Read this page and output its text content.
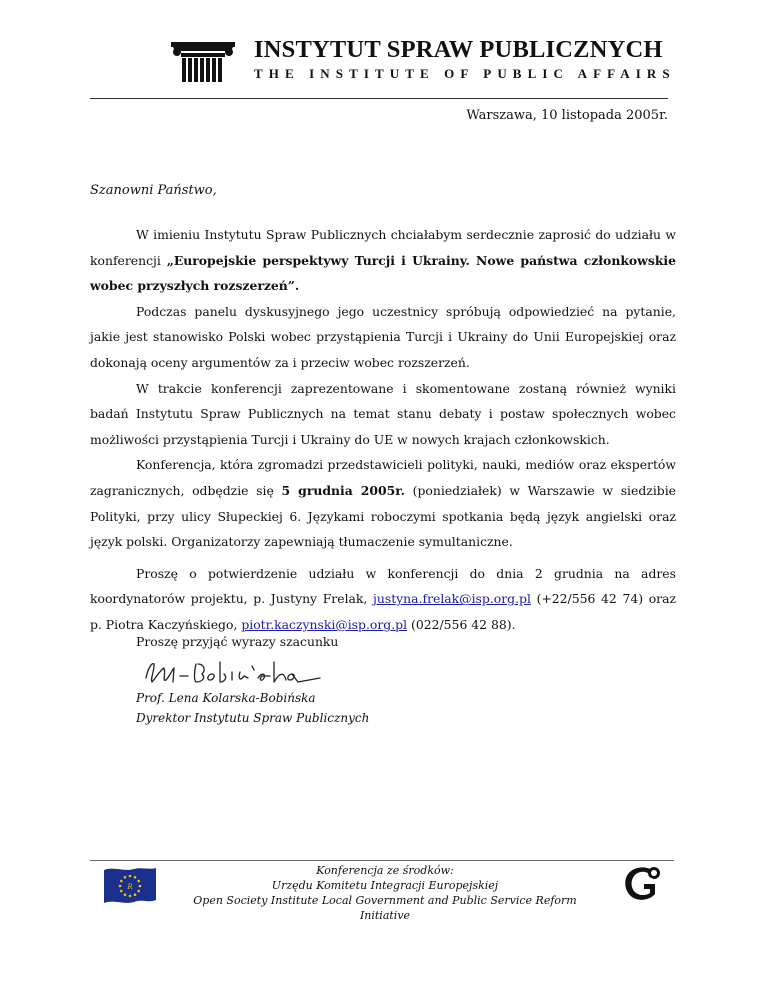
INSTYTUT SPRAW PUBLICZNYCH
THE INSTITUTE OF PUBLIC AFFAIRS
Warszawa, 10 listopada 2005r.
Szanowni Państwo,

W imieniu Instytutu Spraw Publicznych chciałabym serdecznie zaprosić do udziału w konferencji „Europejskie perspektywy Turcji i Ukrainy. Nowe państwa członkowskie wobec przyszłych rozszerzeń”.

Podczas panelu dyskusyjnego jego uczestnicy spróbują odpowiedzieć na pytanie, jakie jest stanowisko Polski wobec przystąpienia Turcji i Ukrainy do Unii Europejskiej oraz dokonają oceny argumentów za i przeciw wobec rozszerzeń.

W trakcie konferencji zaprezentowane i skomentowane zostaną również wyniki badań Instytutu Spraw Publicznych na temat stanu debaty i postaw społecznych wobec możliwości przystąpienia Turcji i Ukrainy do UE w nowych krajach członkowskich.

Konferencja, która zgromadzi przedstawicieli polityki, nauki, mediów oraz ekspertów zagranicznych, odbędzie się 5 grudnia 2005r. (poniedziałek) w Warszawie w siedzibie Polityki, przy ulicy Słupeckiej 6. Językami roboczymi spotkania będą język angielski oraz język polski. Organizatorzy zapewniają tłumaczenie symultaniczne.

Proszę o potwierdzenie udziału w konferencji do dnia 2 grudnia na adres koordynatorów projektu, p. Justyny Frelak, justyna.frelak@isp.org.pl (+22/556 42 74) oraz p. Piotra Kaczyńskiego, piotr.kaczynski@isp.org.pl (022/556 42 88).

Proszę przyjąć wyrazy szacunku
Prof. Lena Kolarska-Bobińska
Dyrektor Instytutu Spraw Publicznych
R
Konferencja ze środków:
Urzędu Komitetu Integracji Europejskiej
Open Society Institute Local Government and Public Service Reform Initiative
